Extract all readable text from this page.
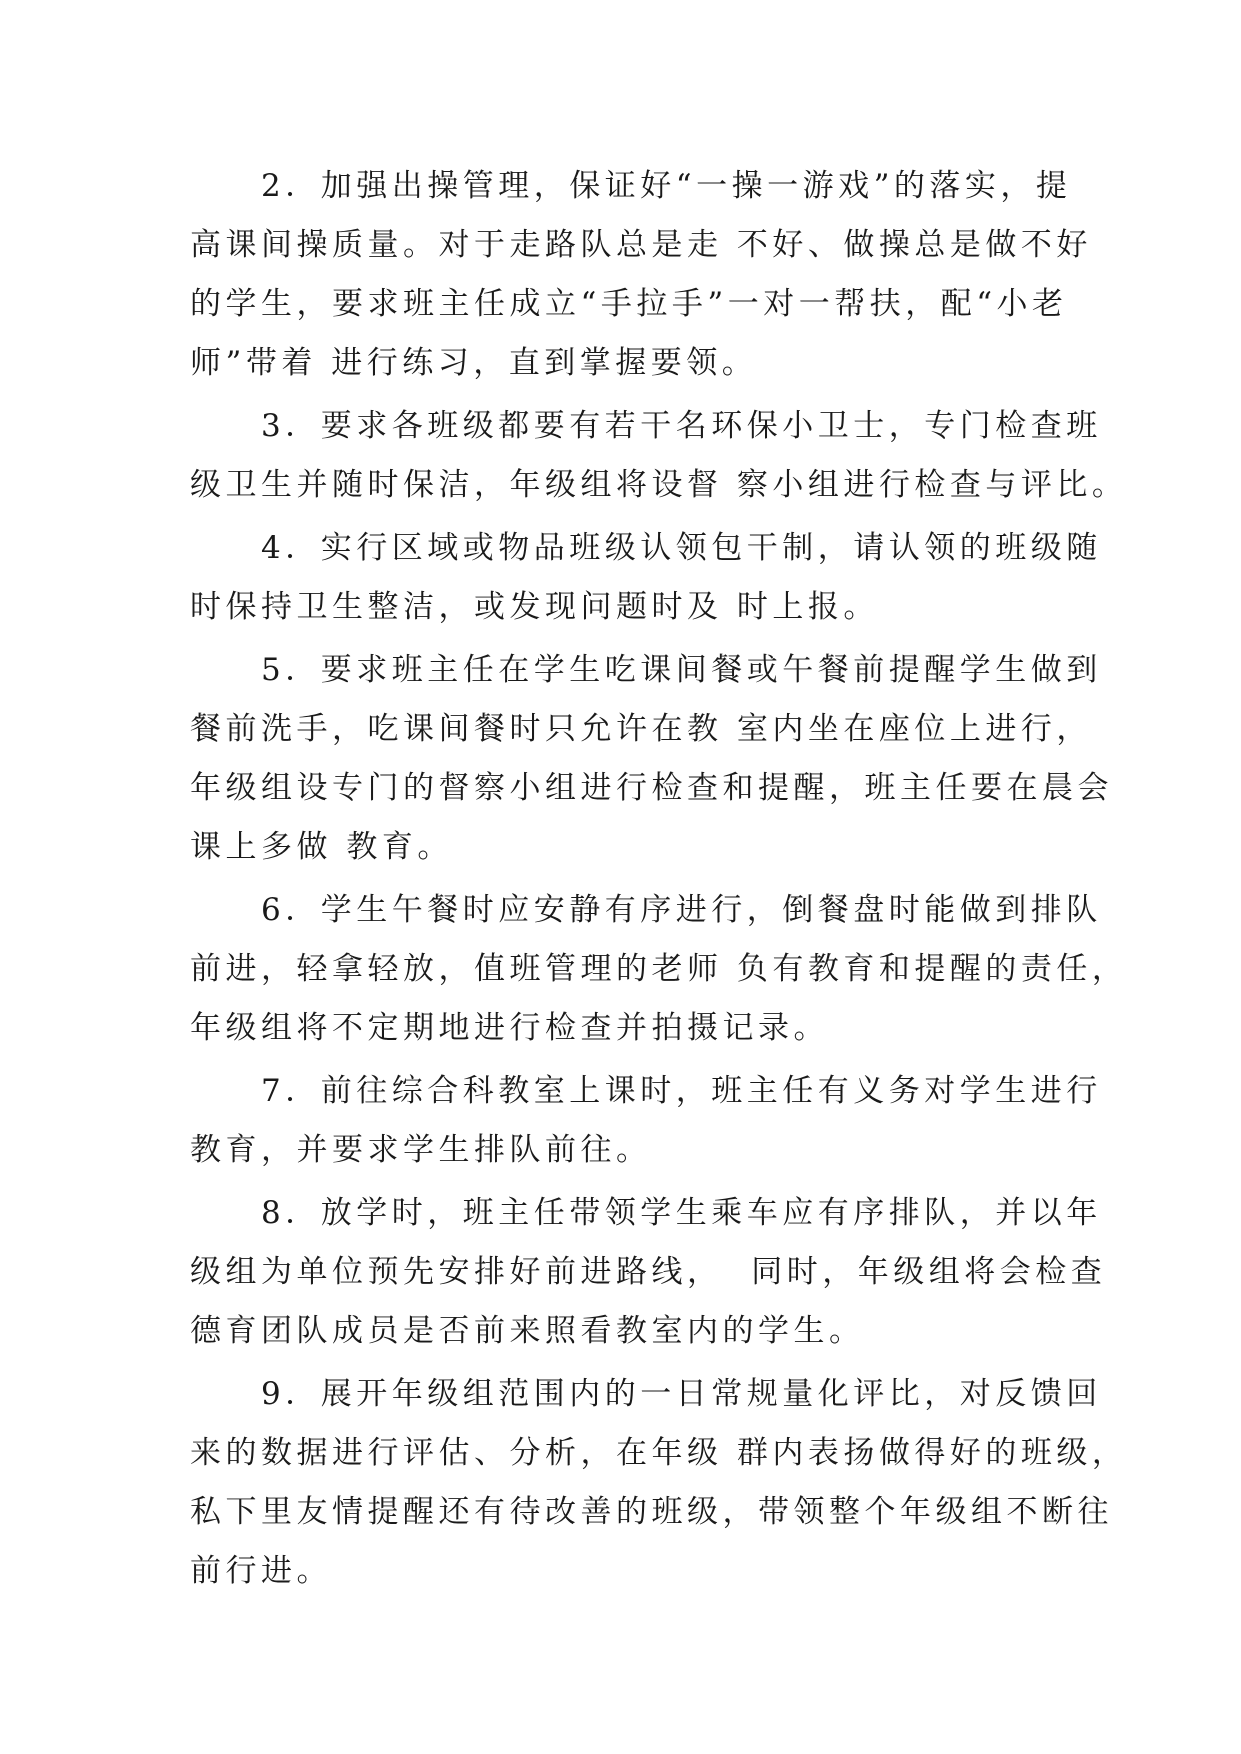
　　2．加强出操管理，保证好“一操一游戏”的落实，提
高课间操质量。对于走路队总是走 不好、做操总是做不好
的学生，要求班主任成立“手拉手”一对一帮扶，配“小老
师”带着 进行练习，直到掌握要领。
　　3．要求各班级都要有若干名环保小卫士，专门检查班
级卫生并随时保洁，年级组将设督 察小组进行检查与评比。
　　4．实行区域或物品班级认领包干制，请认领的班级随
时保持卫生整洁，或发现问题时及 时上报。
　　5．要求班主任在学生吃课间餐或午餐前提醒学生做到
餐前洗手，吃课间餐时只允许在教 室内坐在座位上进行，
年级组设专门的督察小组进行检查和提醒，班主任要在晨会
课上多做 教育。
　　6．学生午餐时应安静有序进行，倒餐盘时能做到排队
前进，轻拿轻放，值班管理的老师 负有教育和提醒的责任，
年级组将不定期地进行检查并拍摄记录。
　　7．前往综合科教室上课时，班主任有义务对学生进行
教育，并要求学生排队前往。
　　8．放学时，班主任带领学生乘车应有序排队，并以年
级组为单位预先安排好前进路线，  同时，年级组将会检查
德育团队成员是否前来照看教室内的学生。
　　9．展开年级组范围内的一日常规量化评比，对反馈回
来的数据进行评估、分析，在年级 群内表扬做得好的班级，
私下里友情提醒还有待改善的班级，带领整个年级组不断往
前行进。
